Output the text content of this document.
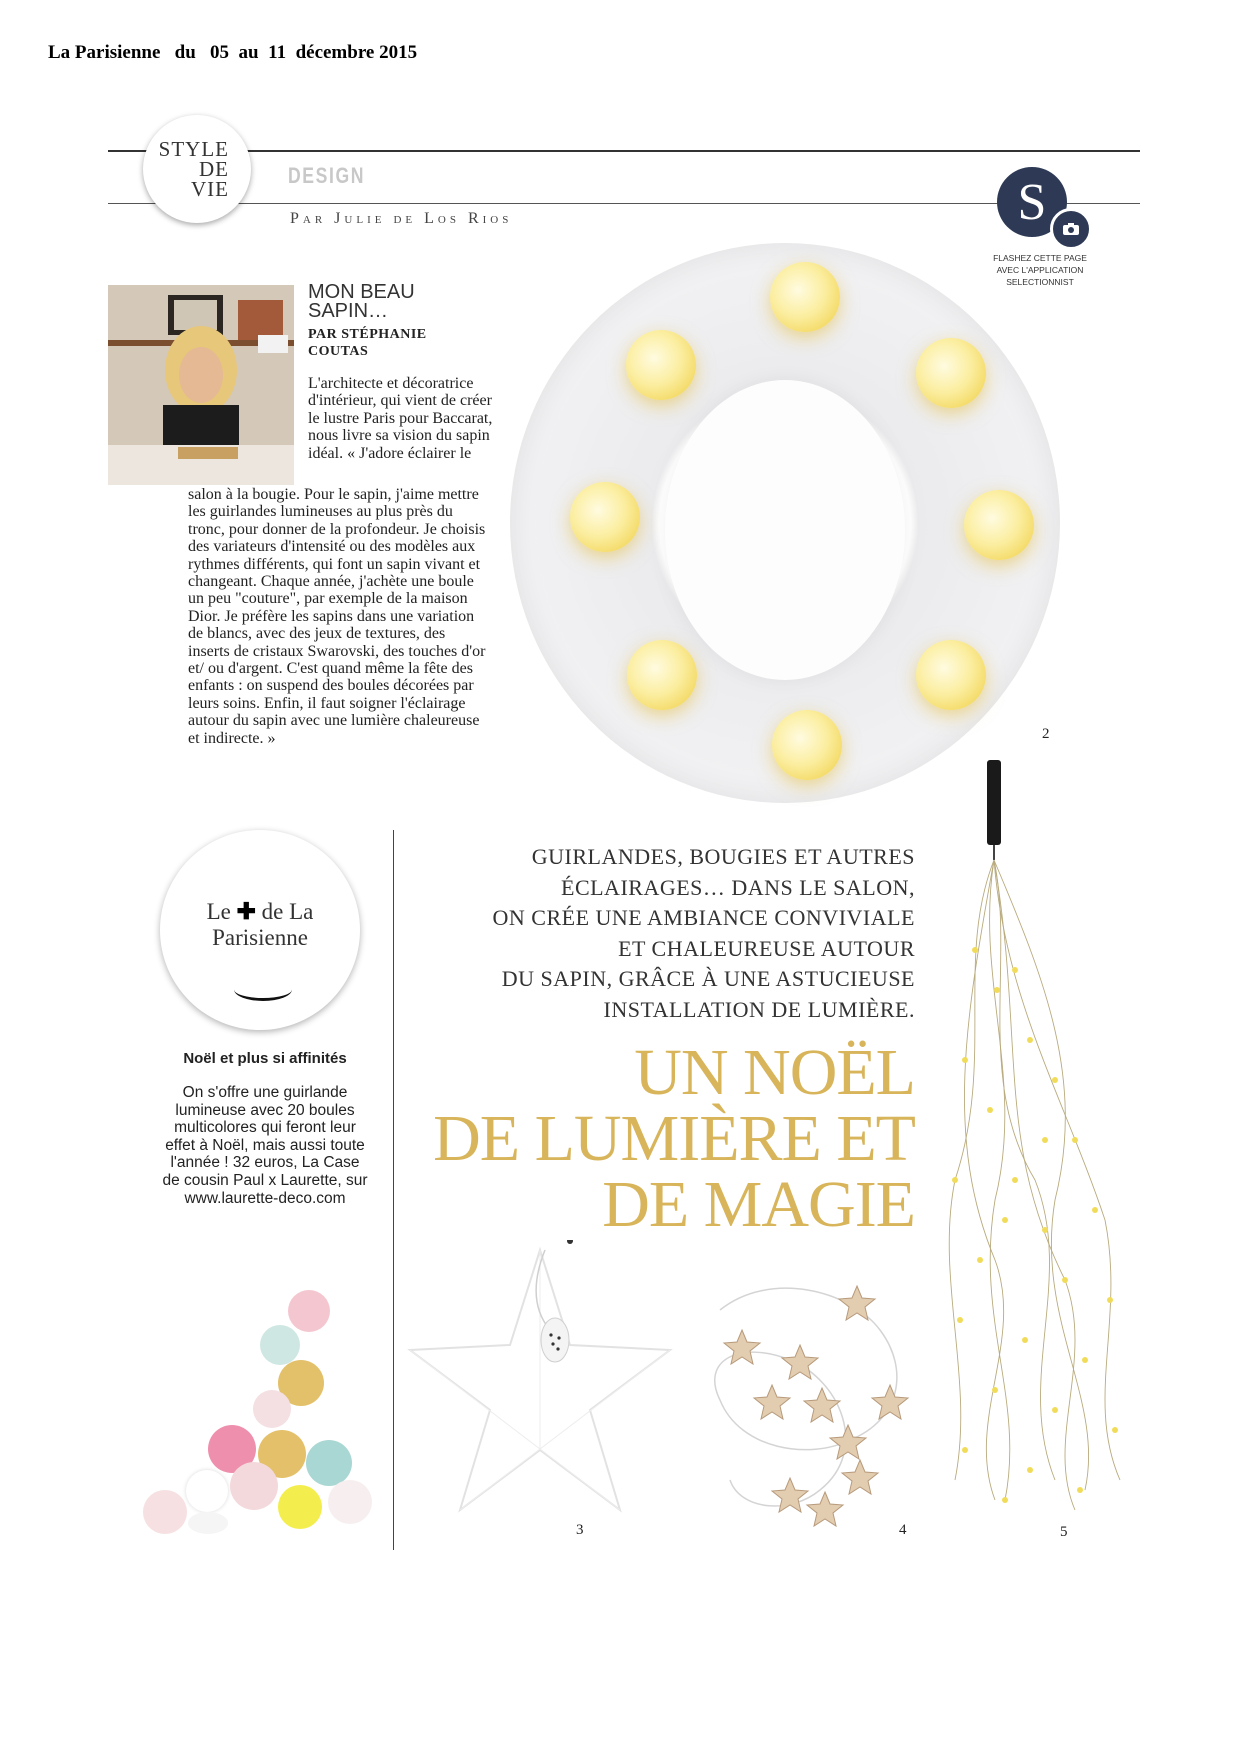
La Parisienne   du   05  au  11  décembre 2015
STYLE
DE
VIE
DESIGN
Par Julie de Los Rios	S
FLASHEZ CETTE PAGE
AVEC L'APPLICATION
SELECTIONNIST
MON BEAU
SAPIN…
PAR STÉPHANIE
COUTAS
L'architecte et décoratrice d'intérieur, qui vient de créer le lustre Paris pour Baccarat, nous livre sa vision du sapin idéal. « J'adore éclairer le
salon à la bougie. Pour le sapin, j'aime mettre les guirlandes lumineuses au plus près du tronc, pour donner de la profondeur. Je choisis des variateurs d'intensité ou des modèles aux rythmes différents, qui font un sapin vivant et changeant. Chaque année, j'achète une boule un peu "couture", par exemple de la maison Dior. Je préfère les sapins dans une variation de blancs, avec des jeux de textures, des inserts de cristaux Swarovski, des touches d'or et/ ou d'argent. C'est quand même la fête des enfants : on suspend des boules décorées par leurs soins. Enfin, il faut soigner l'éclairage autour du sapin avec une lumière chaleureuse et indirecte. »	2
Le ✚ de La
Parisienne
Noël et plus si affinités
On s'offre une guirlande lumineuse avec 20 boules multicolores qui feront leur effet à Noël, mais aussi toute l'année ! 32 euros, La Case de cousin Paul x Laurette, sur www.laurette-deco.com
GUIRLANDES, BOUGIES ET AUTRES
ÉCLAIRAGES… DANS LE SALON,
ON CRÉE UNE AMBIANCE CONVIVIALE
ET CHALEUREUSE AUTOUR
DU SAPIN, GRÂCE À UNE ASTUCIEUSE
INSTALLATION DE LUMIÈRE.
UN NOËL
DE LUMIÈRE ET
DE MAGIE
3	4	5
